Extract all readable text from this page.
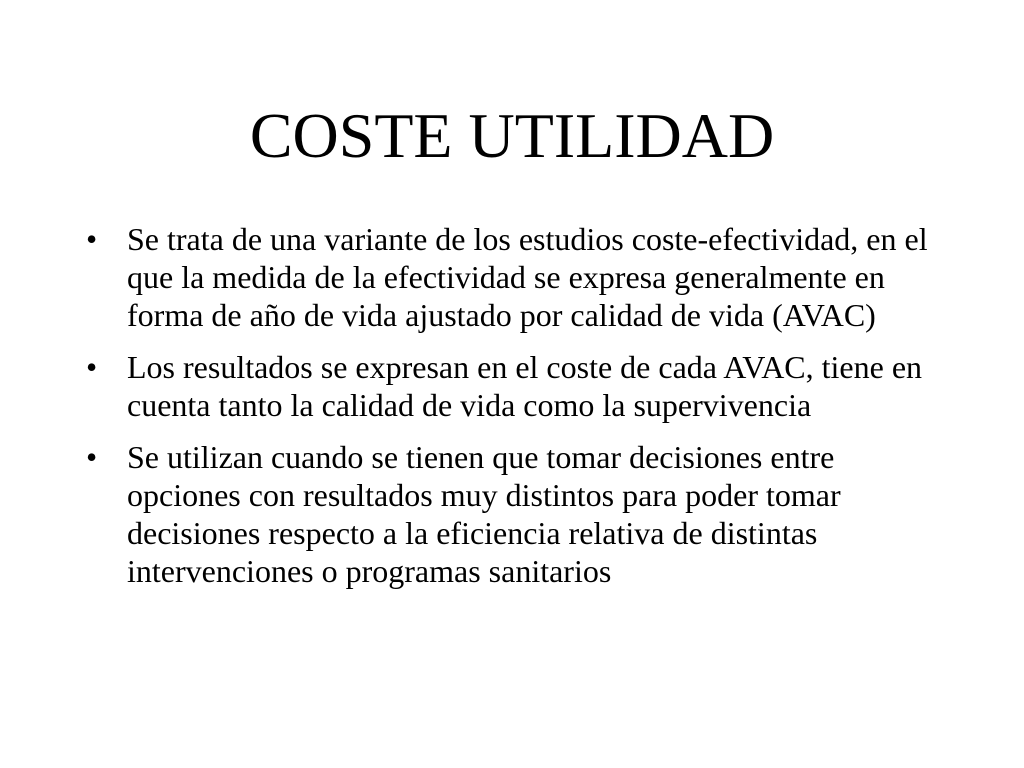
COSTE UTILIDAD
• Se trata de una variante de los estudios coste-efectividad, en el que la medida de la efectividad se expresa generalmente en forma de año de vida ajustado por calidad de vida (AVAC)
• Los resultados se expresan en el coste de cada AVAC, tiene en cuenta tanto la calidad de vida como la supervivencia
• Se utilizan cuando se tienen que tomar decisiones entre opciones con resultados muy distintos para poder tomar decisiones respecto a la eficiencia relativa de distintas intervenciones o programas sanitarios
